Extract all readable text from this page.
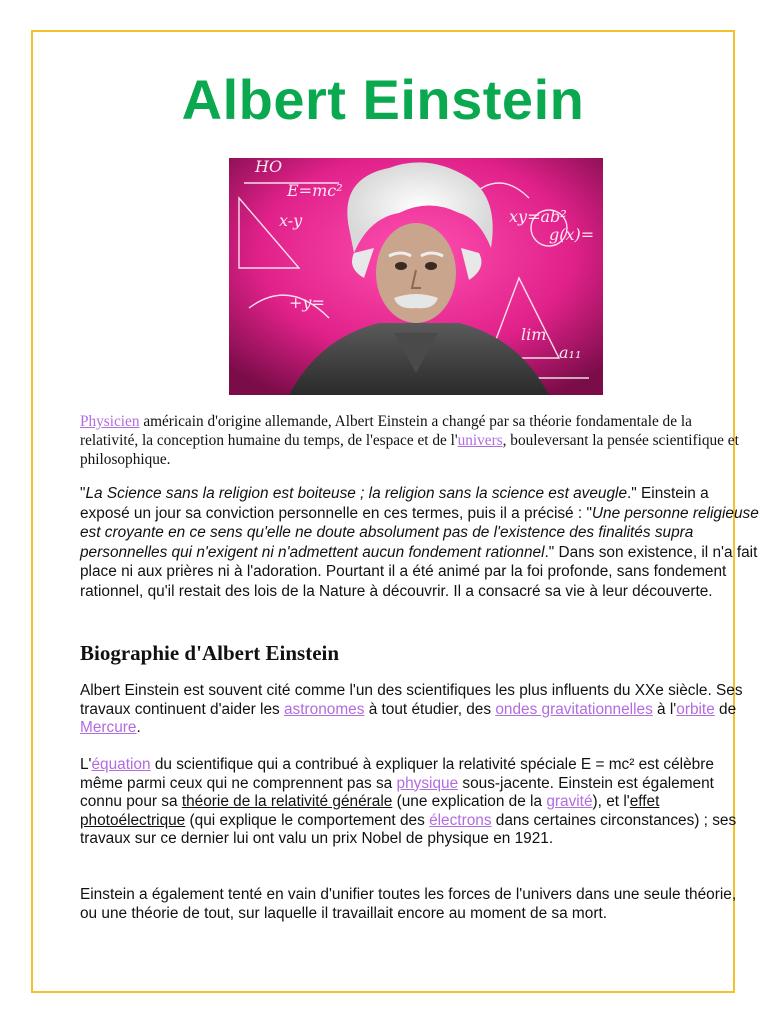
Albert Einstein
E=mc²
x-y	xy=ab²
g(x)=
lim
a₁₁
+y=
HO
Physicien américain d'origine allemande, Albert Einstein a changé par sa théorie fondamentale de la relativité, la conception humaine du temps, de l'espace et de l'univers, bouleversant la pensée scientifique et philosophique.
"La Science sans la religion est boiteuse ; la religion sans la science est aveugle." Einstein a exposé un jour sa conviction personnelle en ces termes, puis il a précisé : "Une personne religieuse est croyante en ce sens qu'elle ne doute absolument pas de l'existence des finalités supra personnelles qui n'exigent ni n'admettent aucun fondement rationnel." Dans son existence, il n'a fait place ni aux prières ni à l'adoration. Pourtant il a été animé par la foi profonde, sans fondement rationnel, qu'il restait des lois de la Nature à découvrir. Il a consacré sa vie à leur découverte.
Biographie d'Albert Einstein
Albert Einstein est souvent cité comme l'un des scientifiques les plus influents du XXe siècle. Ses travaux continuent d'aider les astronomes à tout étudier, des ondes gravitationnelles à l'orbite de Mercure.
L'équation du scientifique qui a contribué à expliquer la relativité spéciale E = mc² est célèbre même parmi ceux qui ne comprennent pas sa physique sous-jacente. Einstein est également connu pour sa théorie de la relativité générale (une explication de la gravité), et l'effet photoélectrique (qui explique le comportement des électrons dans certaines circonstances) ; ses travaux sur ce dernier lui ont valu un prix Nobel de physique en 1921.
Einstein a également tenté en vain d'unifier toutes les forces de l'univers dans une seule théorie, ou une théorie de tout, sur laquelle il travaillait encore au moment de sa mort.
